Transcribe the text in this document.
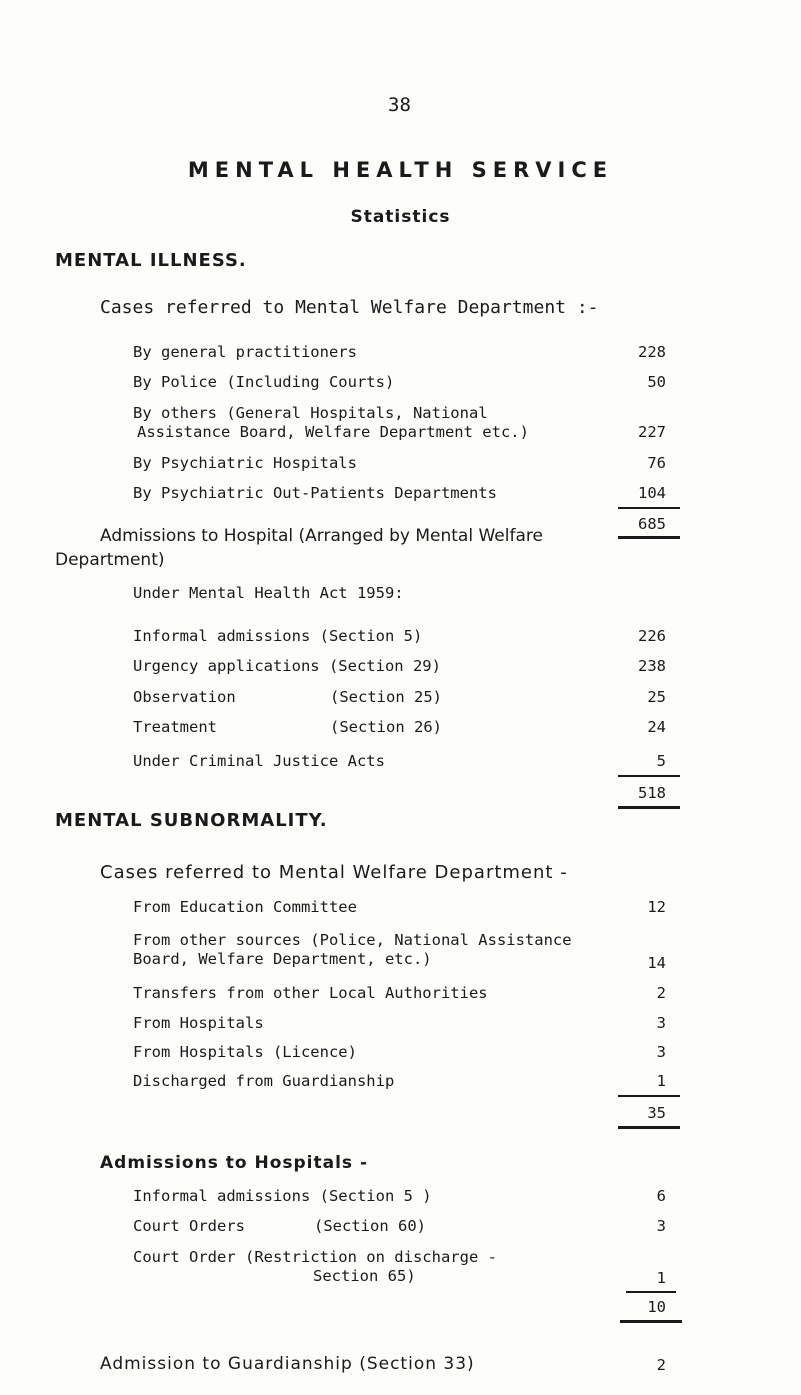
38
MENTAL HEALTH SERVICE
Statistics
MENTAL ILLNESS.
Cases referred to Mental Welfare Department :-
By general practitioners	228
By Police (Including Courts)	50
By others (General Hospitals, National
Assistance Board, Welfare Department etc.)	227
By Psychiatric Hospitals	76
By Psychiatric Out-Patients Departments	104
685
Admissions to Hospital (Arranged by Mental Welfare
Department)
Under Mental Health Act 1959:
Informal admissions (Section 5)	226
Urgency applications (Section 29)	238
Observation	(Section 25)	25
Treatment	(Section 26)	24
Under Criminal Justice Acts	5
518
MENTAL SUBNORMALITY.
Cases referred to Mental Welfare Department -
From Education Committee	12
From other sources (Police, National Assistance
Board, Welfare Department, etc.)	14
Transfers from other Local Authorities	2
From Hospitals	3
From Hospitals (Licence)	3
Discharged from Guardianship	1
35
Admissions to Hospitals -
Informal admissions (Section 5 )	6
Court Orders	(Section 60)	3
Court Order (Restriction on discharge -
Section 65)	1
10
Admission to Guardianship (Section 33)	2
